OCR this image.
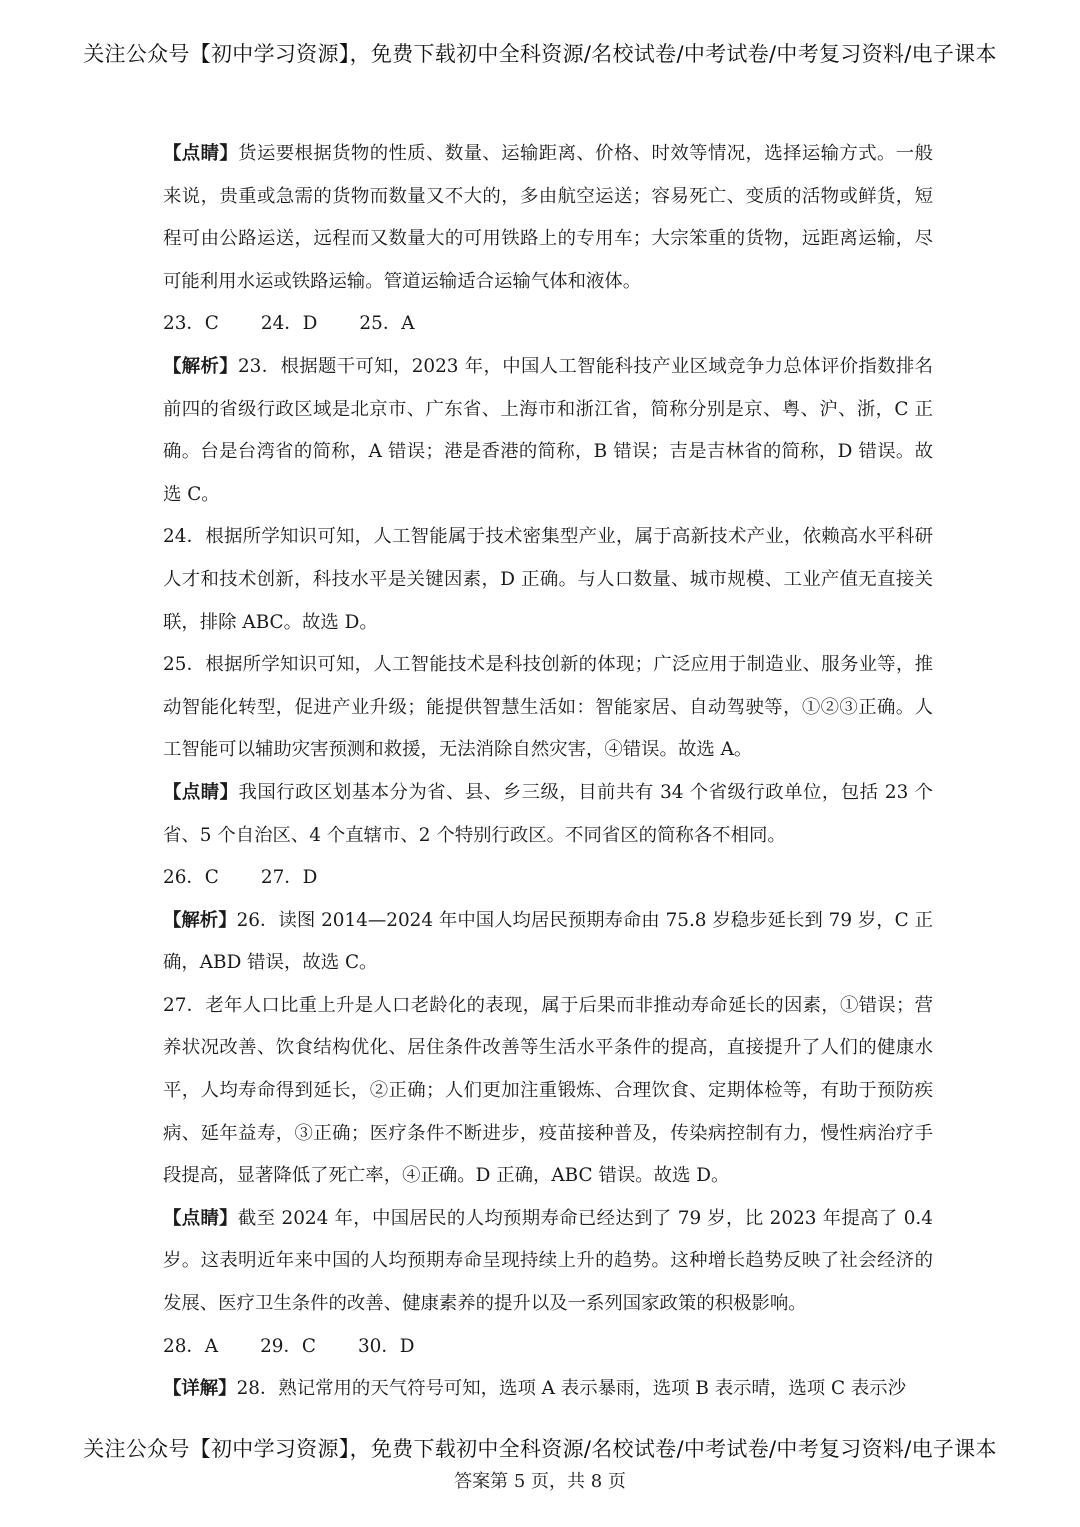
关注公众号【初中学习资源】，免费下载初中全科资源/名校试卷/中考试卷/中考复习资料/电子课本

【点睛】货运要根据货物的性质、数量、运输距离、价格、时效等情况，选择运输方式。一般来说，贵重或急需的货物而数量又不大的，多由航空运送；容易死亡、变质的活物或鲜货，短程可由公路运送，远程而又数量大的可用铁路上的专用车；大宗笨重的货物，远距离运输，尽可能利用水运或铁路运输。管道运输适合运输气体和液体。

23．C 24．D 25．A

【解析】23．根据题干可知，2023 年，中国人工智能科技产业区域竞争力总体评价指数排名前四的省级行政区域是北京市、广东省、上海市和浙江省，简称分别是京、粤、沪、浙，C 正确。台是台湾省的简称，A 错误；港是香港的简称，B 错误；吉是吉林省的简称，D 错误。故选 C。

24．根据所学知识可知，人工智能属于技术密集型产业，属于高新技术产业，依赖高水平科研人才和技术创新，科技水平是关键因素，D 正确。与人口数量、城市规模、工业产值无直接关联，排除 ABC。故选 D。

25．根据所学知识可知，人工智能技术是科技创新的体现；广泛应用于制造业、服务业等，推动智能化转型，促进产业升级；能提供智慧生活如：智能家居、自动驾驶等，①②③正确。人工智能可以辅助灾害预测和救援，无法消除自然灾害，④错误。故选 A。

【点睛】我国行政区划基本分为省、县、乡三级，目前共有 34 个省级行政单位，包括 23 个省、5 个自治区、4 个直辖市、2 个特别行政区。不同省区的简称各不相同。

26．C 27．D

【解析】26．读图 2014—2024 年中国人均居民预期寿命由 75.8 岁稳步延长到 79 岁，C 正确，ABD 错误，故选 C。

27．老年人口比重上升是人口老龄化的表现，属于后果而非推动寿命延长的因素，①错误；营养状况改善、饮食结构优化、居住条件改善等生活水平条件的提高，直接提升了人们的健康水平，人均寿命得到延长，②正确；人们更加注重锻炼、合理饮食、定期体检等，有助于预防疾病、延年益寿，③正确；医疗条件不断进步，疫苗接种普及，传染病控制有力，慢性病治疗手段提高，显著降低了死亡率，④正确。D 正确，ABC 错误。故选 D。

【点睛】截至 2024 年，中国居民的人均预期寿命已经达到了 79 岁，比 2023 年提高了 0.4 岁。这表明近年来中国的人均预期寿命呈现持续上升的趋势。这种增长趋势反映了社会经济的发展、医疗卫生条件的改善、健康素养的提升以及一系列国家政策的积极影响。

28．A 29．C 30．D

【详解】28．熟记常用的天气符号可知，选项 A 表示暴雨，选项 B 表示晴，选项 C 表示沙

关注公众号【初中学习资源】，免费下载初中全科资源/名校试卷/中考试卷/中考复习资料/电子课本
答案第 5 页，共 8 页
